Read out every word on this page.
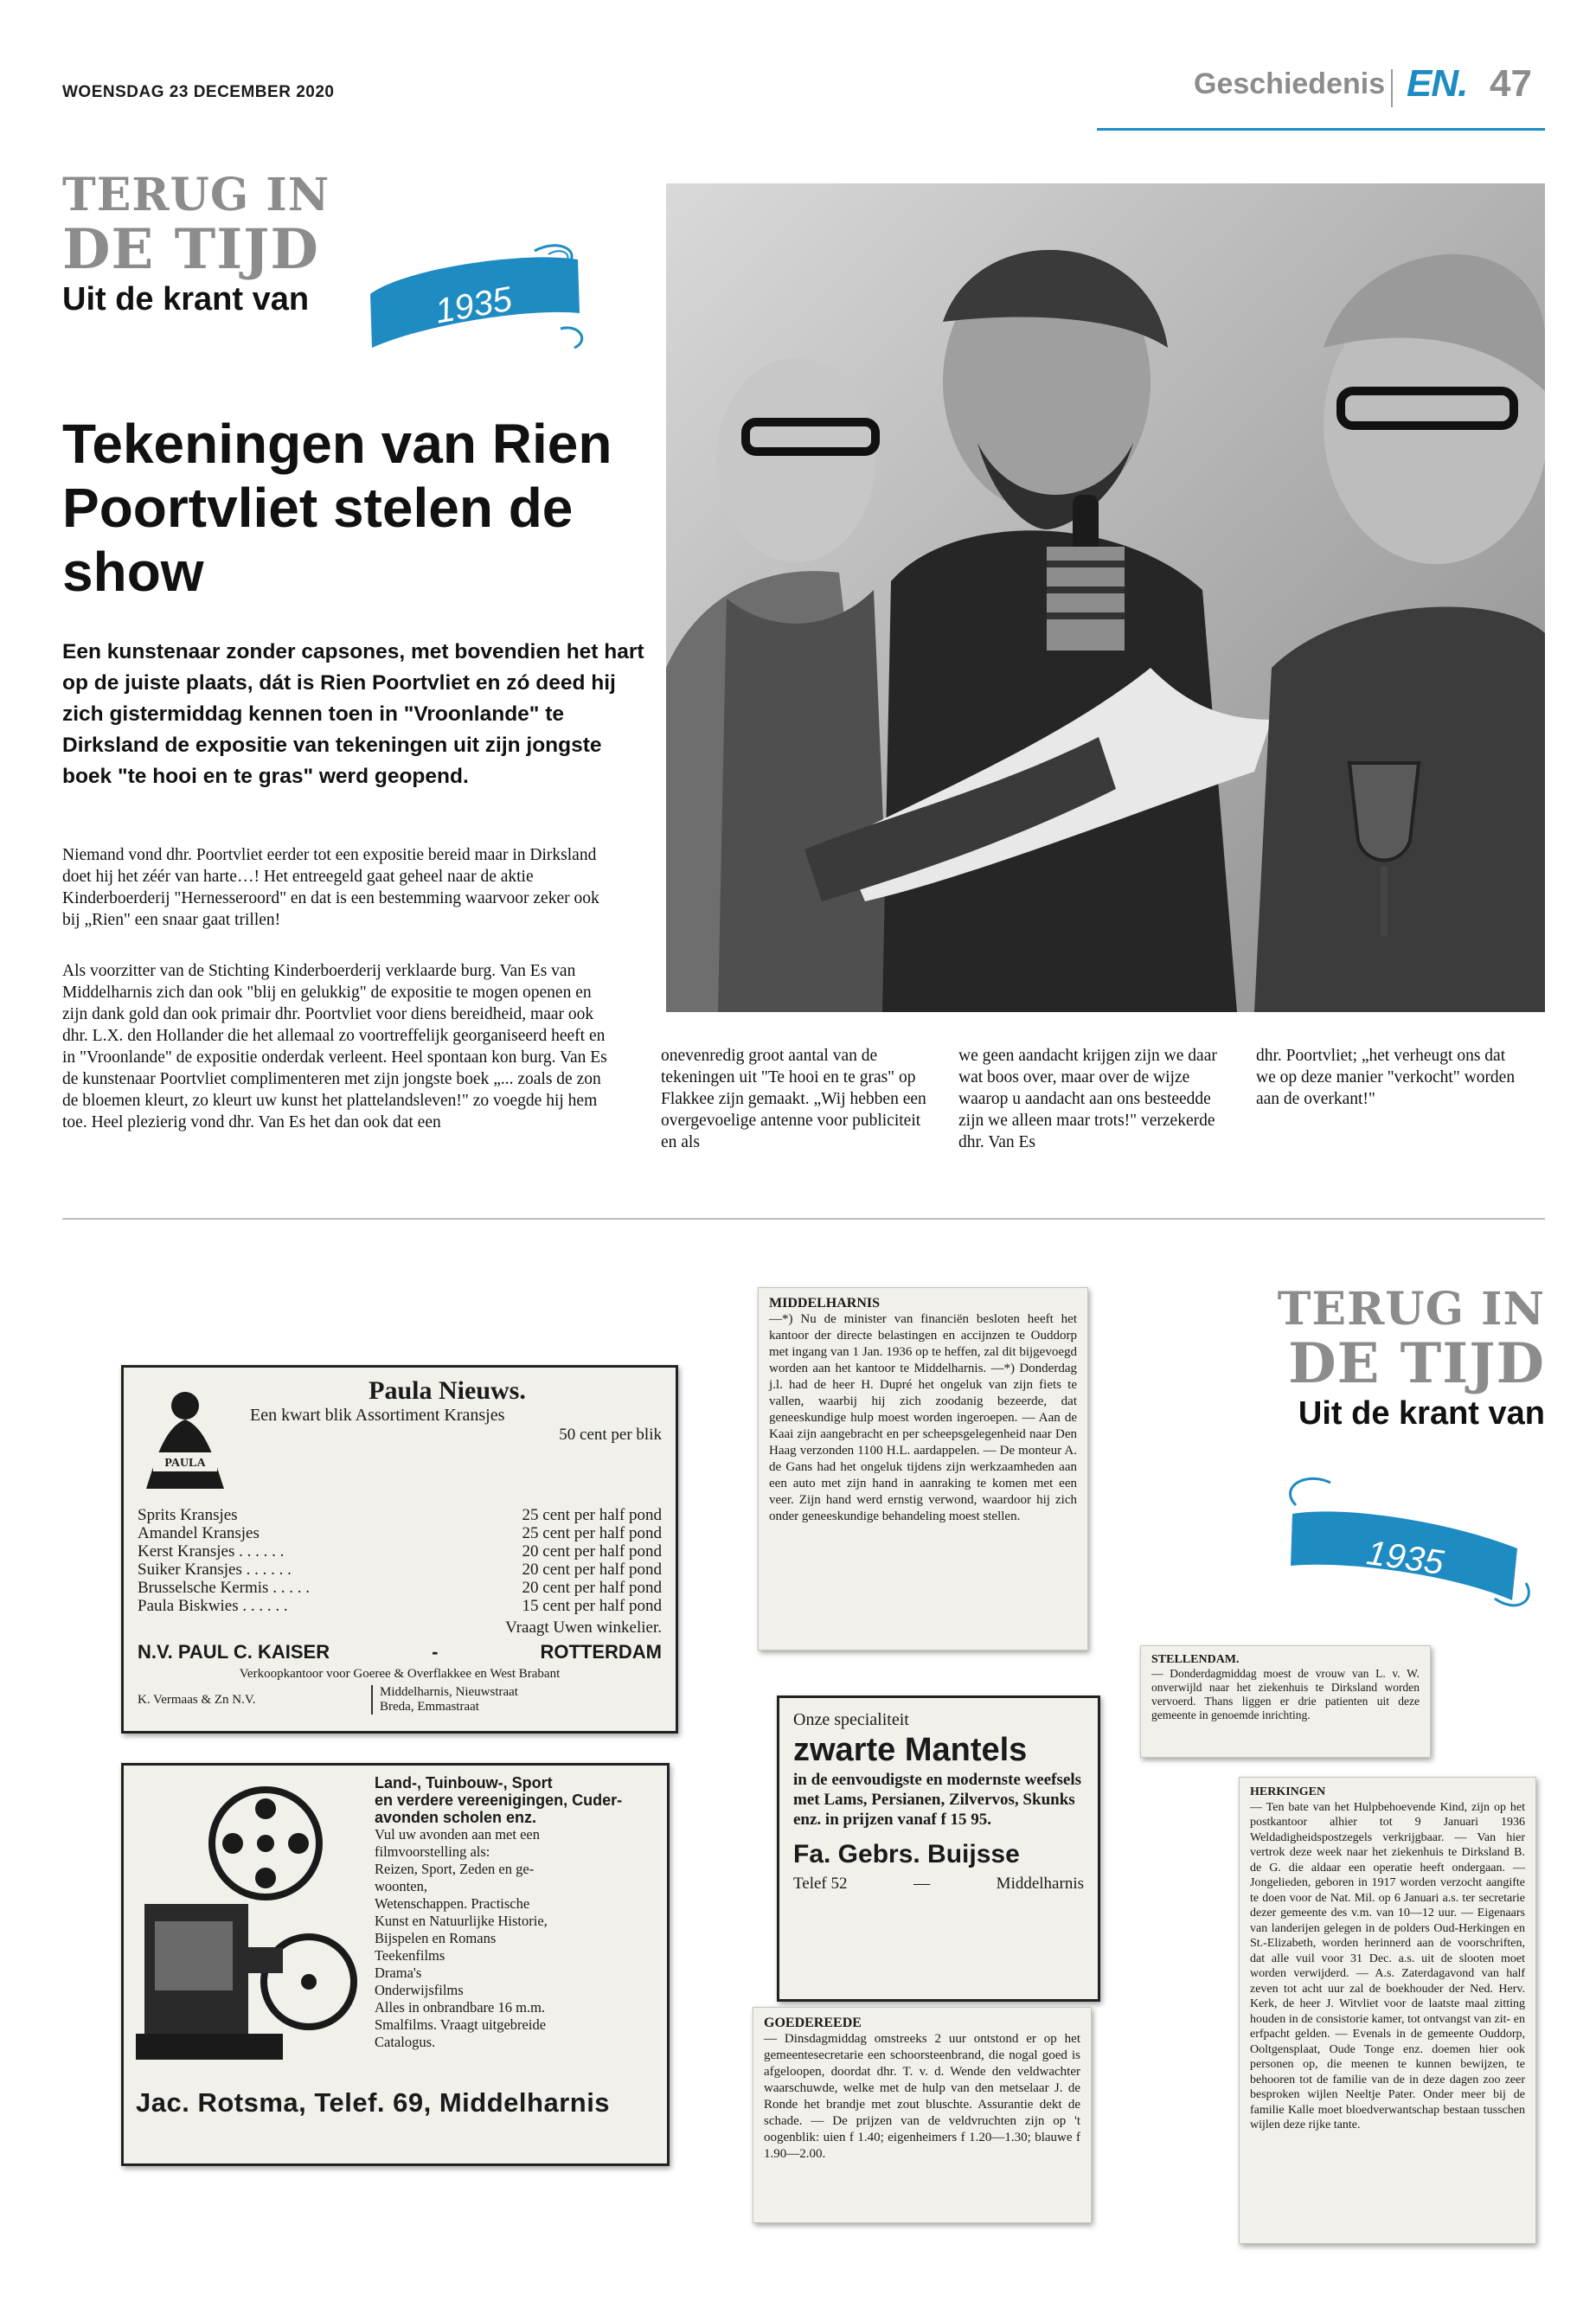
WOENSDAG 23 DECEMBER 2020	Geschiedenis EN. 47
TERUG IN
DE TIJD
Uit de krant van	1935
Tekeningen van Rien Poortvliet stelen de show
Een kunstenaar zonder capsones, met bovendien het hart op de juiste plaats, dát is Rien Poortvliet en zó deed hij zich gistermiddag kennen toen in "Vroonlande" te Dirksland de expositie van tekeningen uit zijn jongste boek "te hooi en te gras" werd geopend.
Niemand vond dhr. Poortvliet eerder tot een expositie bereid maar in Dirksland doet hij het zéér van harte…! Het entreegeld gaat geheel naar de aktie Kinderboerderij "Hernesseroord" en dat is een bestemming waarvoor zeker ook bij „Rien" een snaar gaat trillen!
Als voorzitter van de Stichting Kinderboerderij verklaarde burg. Van Es van Middelharnis zich dan ook "blij en gelukkig" de expositie te mogen openen en zijn dank gold dan ook primair dhr. Poortvliet voor diens bereidheid, maar ook dhr. L.X. den Hollander die het allemaal zo voortreffelijk georganiseerd heeft en in "Vroonlande" de expositie onderdak verleent. Heel spontaan kon burg. Van Es de kunstenaar Poortvliet complimenteren met zijn jongste boek „... zoals de zon de bloemen kleurt, zo kleurt uw kunst het plattelandsleven!" zo voegde hij hem toe. Heel plezierig vond dhr. Van Es het dan ook dat een
onevenredig groot aantal van de tekeningen uit "Te hooi en te gras" op Flakkee zijn gemaakt. „Wij hebben een overgevoelige antenne voor publiciteit en als
we geen aandacht krijgen zijn we daar wat boos over, maar over de wijze waarop u aandacht aan ons besteedde zijn we alleen maar trots!" verzekerde dhr. Van Es
dhr. Poortvliet; „het verheugt ons dat we op deze manier "verkocht" worden aan de overkant!"
TERUG IN
DE TIJD
Uit de krant van
1935
PAULA
Paula Nieuws.
Een kwart blik Assortiment Kransjes
50 cent per blik
Sprits Kransjes	25 cent per half pond
Amandel Kransjes	25 cent per half pond
Kerst Kransjes . . . . . .	20 cent per half pond
Suiker Kransjes . . . . . .	20 cent per half pond
Brusselsche Kermis . . . . .	20 cent per half pond
Paula Biskwies . . . . . .	15 cent per half pond
Vraagt Uwen winkelier.
N.V. PAUL C. KAISER	-	ROTTERDAM
Verkoopkantoor voor Goeree & Overflakkee en West Brabant
K. Vermaas & Zn N.V.
Middelharnis, Nieuwstraat
Breda, Emmastraat
Land-, Tuinbouw-, Sport
en verdere vereenigingen, Cuder-
avonden scholen enz.
Vul uw avonden aan met een
filmvoorstelling als:
Reizen, Sport, Zeden en ge-
woonten,
Wetenschappen. Practische
Kunst en Natuurlijke Historie,
Bijspelen en Romans
Teekenfilms
Drama's
Onderwijsfilms
Alles in onbrandbare 16 m.m.
Smalfilms. Vraagt uitgebreide
Catalogus.
Jac. Rotsma, Telef. 69, Middelharnis
MIDDELHARNIS
—*) Nu de minister van financiën besloten heeft het kantoor der directe belastingen en accijnzen te Ouddorp met ingang van 1 Jan. 1936 op te heffen, zal dit bijgevoegd worden aan het kantoor te Middelharnis. —*) Donderdag j.l. had de heer H. Dupré het ongeluk van zijn fiets te vallen, waarbij hij zich zoodanig bezeerde, dat geneeskundige hulp moest worden ingeroepen. — Aan de Kaai zijn aangebracht en per scheepsgelegenheid naar Den Haag verzonden 1100 H.L. aardappelen. — De monteur A. de Gans had het ongeluk tijdens zijn werkzaamheden aan een auto met zijn hand in aanraking te komen met een veer. Zijn hand werd ernstig verwond, waardoor hij zich onder geneeskundige behandeling moest stellen.
Onze specialiteit
zwarte Mantels
in de eenvoudigste en modernste weefsels met Lams, Persianen, Zilvervos, Skunks enz. in prijzen vanaf f 15 95.
Fa. Gebrs. Buijsse
Telef 52	—	Middelharnis
GOEDEREEDE
— Dinsdagmiddag omstreeks 2 uur ontstond er op het gemeentesecretarie een schoorsteenbrand, die nogal goed is afgeloopen, doordat dhr. T. v. d. Wende den veldwachter waarschuwde, welke met de hulp van den metselaar J. de Ronde het brandje met zout bluschte. Assurantie dekt de schade. — De prijzen van de veldvruchten zijn op 't oogenblik: uien f 1.40; eigenheimers f 1.20—1.30; blauwe f 1.90—2.00.
STELLENDAM.
— Donderdagmiddag moest de vrouw van L. v. W. onverwijld naar het ziekenhuis te Dirksland worden vervoerd. Thans liggen er drie patienten uit deze gemeente in genoemde inrichting.
HERKINGEN
— Ten bate van het Hulpbehoevende Kind, zijn op het postkantoor alhier tot 9 Januari 1936 Weldadigheidspostzegels verkrijgbaar. — Van hier vertrok deze week naar het ziekenhuis te Dirksland B. de G. die aldaar een operatie heeft ondergaan. — Jongelieden, geboren in 1917 worden verzocht aangifte te doen voor de Nat. Mil. op 6 Januari a.s. ter secretarie dezer gemeente des v.m. van 10—12 uur. — Eigenaars van landerijen gelegen in de polders Oud-Herkingen en St.-Elizabeth, worden herinnerd aan de voorschriften, dat alle vuil voor 31 Dec. a.s. uit de slooten moet worden verwijderd. — A.s. Zaterdagavond van half zeven tot acht uur zal de boekhouder der Ned. Herv. Kerk, de heer J. Witvliet voor de laatste maal zitting houden in de consistorie kamer, tot ontvangst van zit- en erfpacht gelden. — Evenals in de gemeente Ouddorp, Ooltgensplaat, Oude Tonge enz. doemen hier ook personen op, die meenen te kunnen bewijzen, te behooren tot de familie van de in deze dagen zoo zeer besproken wijlen Neeltje Pater. Onder meer bij de familie Kalle moet bloedverwantschap bestaan tusschen wijlen deze rijke tante.
